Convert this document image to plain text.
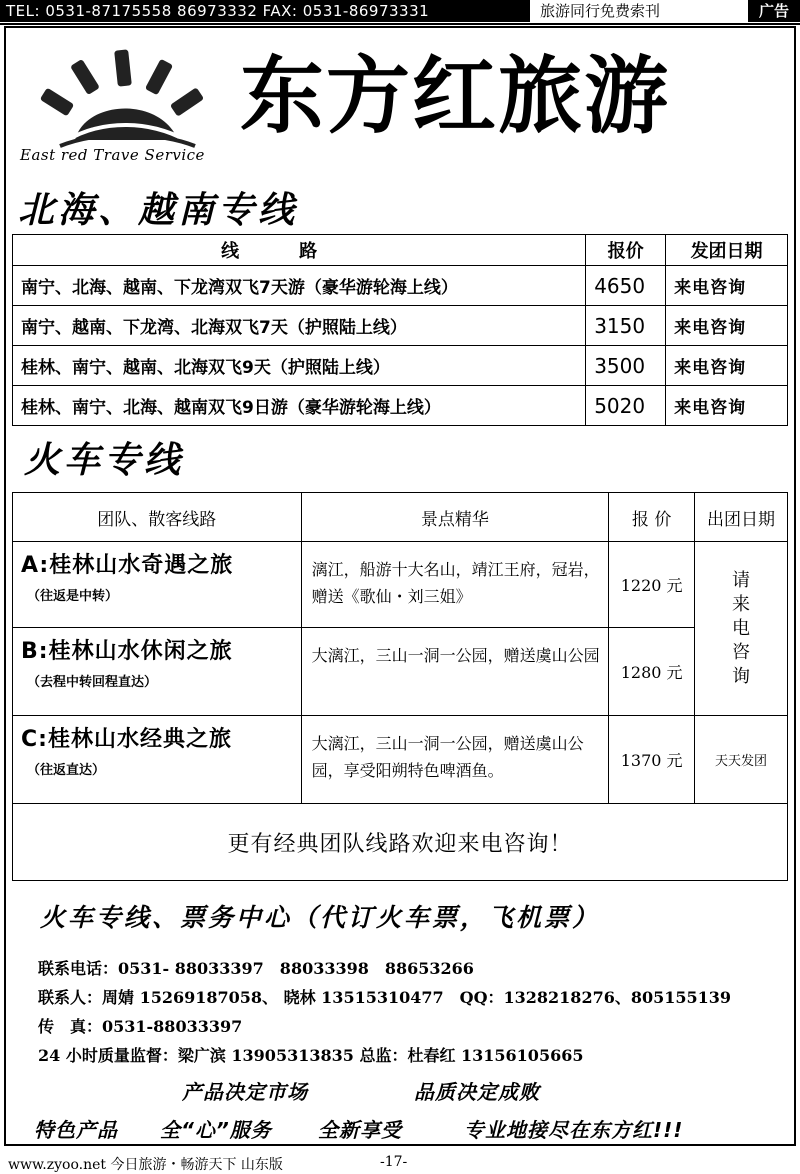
TEL: 0531-87175558 86973332 FAX: 0531-86973331	旅游同行免费索刊	广告
East red Trave Service
东方红旅游
北海、越南专线
线路	报价	发团日期
南宁、北海、越南、下龙湾双飞7天游（豪华游轮海上线）	4650	来电咨询
南宁、越南、下龙湾、北海双飞7天（护照陆上线）	3150	来电咨询
桂林、南宁、越南、北海双飞9天（护照陆上线）	3500	来电咨询
桂林、南宁、北海、越南双飞9日游（豪华游轮海上线）	5020	来电咨询
火车专线
团队、散客线路	景点精华	报 价	出团日期

A:桂林山水奇遇之旅
（往返是中转）	漓江，船游十大名山，靖江王府，冠岩，赠送《歌仙・刘三姐》	1220 元	请来电咨询

B:桂林山水休闲之旅
（去程中转回程直达）	大漓江，三山一洞一公园，赠送虞山公园	1280 元	

C:桂林山水经典之旅
（往返直达）	大漓江，三山一洞一公园，赠送虞山公园，享受阳朔特色啤酒鱼。	1370 元	天天发团

更有经典团队线路欢迎来电咨询！			
火车专线、票务中心（代订火车票，飞机票）
联系电话：0531- 88033397　88033398　88653266
联系人：周婧 15269187058、 晓林 13515310477　QQ：1328218276、805155139
传　真：0531-88033397
24 小时质量监督：梁广滨 13905313835 总监：杜春红 13156105665
产品决定市场	品质决定成败
特色产品 全“心”服务 全新享受	专业地接尽在东方红!!!
www.zyoo.net 今日旅游・畅游天下 山东版	-17-
